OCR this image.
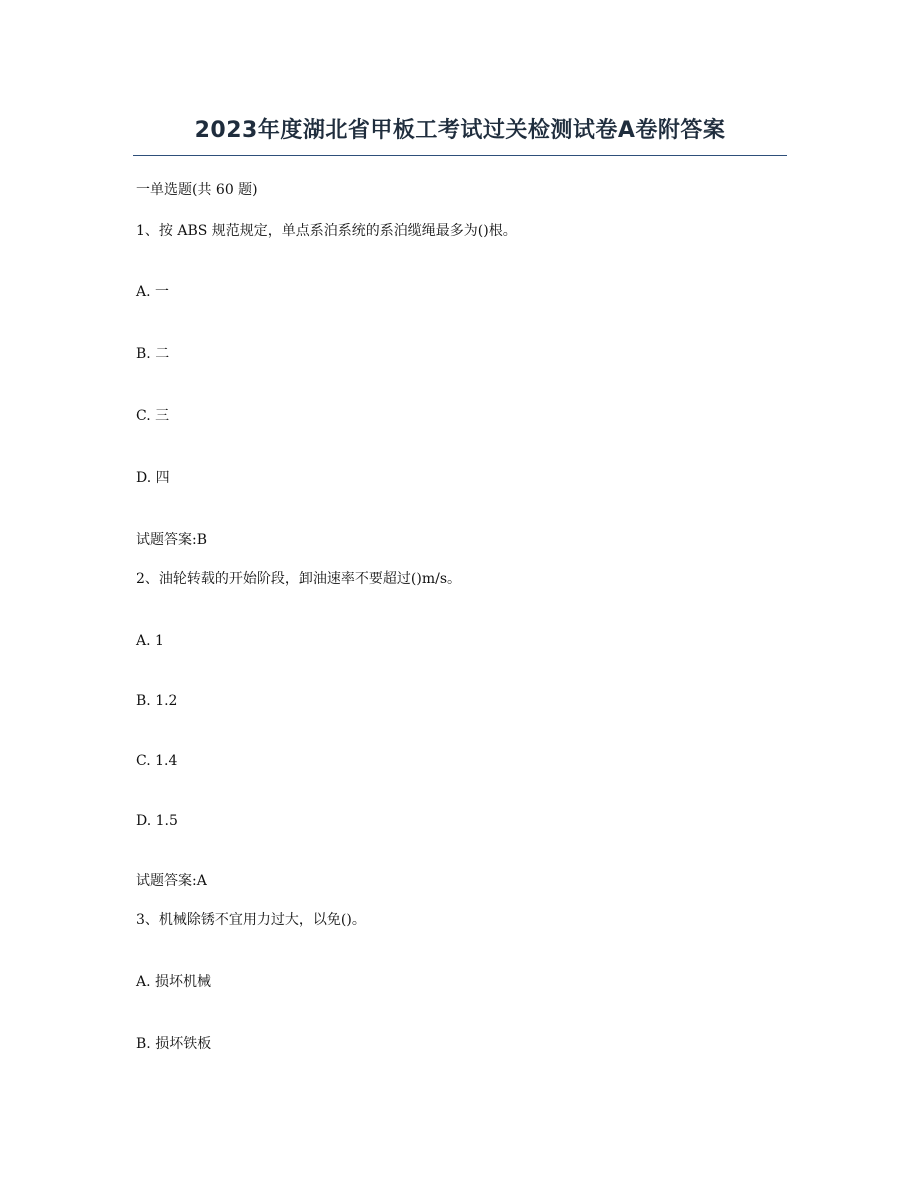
2023年度湖北省甲板工考试过关检测试卷A卷附答案
一单选题(共 60 题)
1、按 ABS 规范规定，单点系泊系统的系泊缆绳最多为()根。
A. 一
B. 二
C. 三
D. 四
试题答案:B
2、油轮转载的开始阶段，卸油速率不要超过()m/s。
A. 1
B. 1.2
C. 1.4
D. 1.5
试题答案:A
3、机械除锈不宜用力过大，以免()。
A. 损坏机械
B. 损坏铁板
